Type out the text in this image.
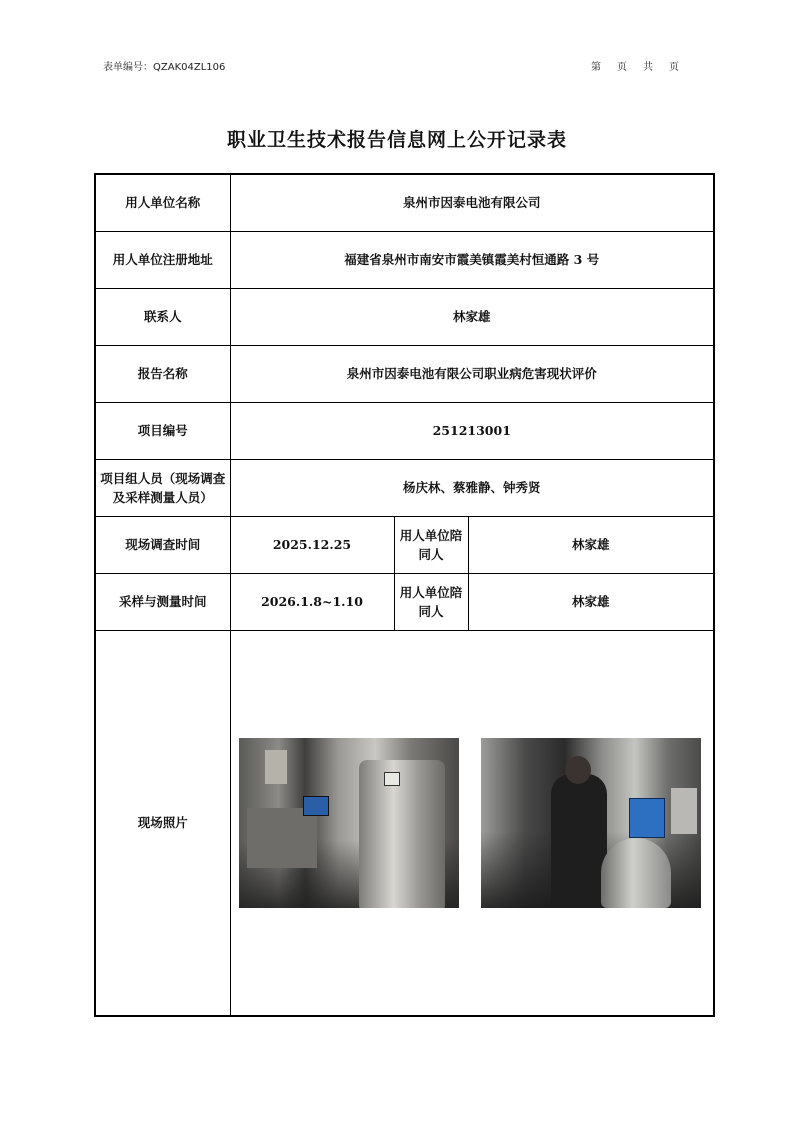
表单编号：QZAK04ZL106	第 页 共 页
职业卫生技术报告信息网上公开记录表
用人单位名称	泉州市因泰电池有限公司		
用人单位注册地址	福建省泉州市南安市霞美镇霞美村恒通路 3 号		
联系人	林家雄		
报告名称	泉州市因泰电池有限公司职业病危害现状评价		
项目编号	251213001		
项目组人员（现场调查及采样测量人员）	杨庆林、蔡雅静、钟秀贤		
现场调查时间	2025.12.25	用人单位陪同人	林家雄
采样与测量时间	2026.1.8~1.10	用人单位陪同人	林家雄
现场照片			
